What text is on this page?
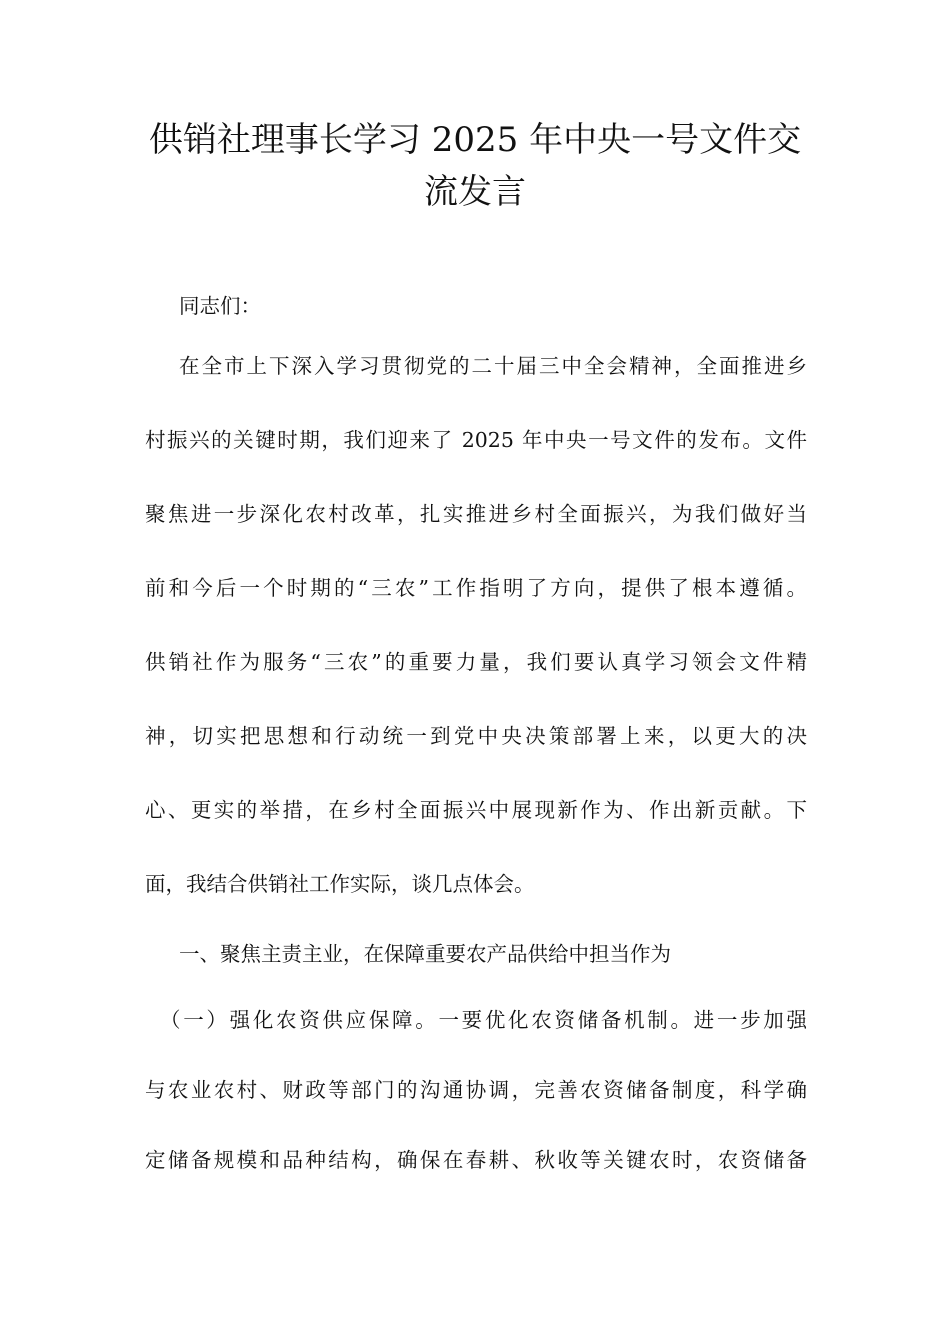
供销社理事长学习 2025 年中央一号文件交
流发言
同志们：
在全市上下深入学习贯彻党的二十届三中全会精神，全面推进乡
村振兴的关键时期，我们迎来了 2025 年中央一号文件的发布。文件
聚焦进一步深化农村改革，扎实推进乡村全面振兴，为我们做好当
前和今后一个时期的“三农”工作指明了方向，提供了根本遵循。
供销社作为服务“三农”的重要力量，我们要认真学习领会文件精
神，切实把思想和行动统一到党中央决策部署上来，以更大的决
心、更实的举措，在乡村全面振兴中展现新作为、作出新贡献。下
面，我结合供销社工作实际，谈几点体会。
一、聚焦主责主业，在保障重要农产品供给中担当作为
（一）强化农资供应保障。一要优化农资储备机制。进一步加强
与农业农村、财政等部门的沟通协调，完善农资储备制度，科学确
定储备规模和品种结构，确保在春耕、秋收等关键农时，农资储备
